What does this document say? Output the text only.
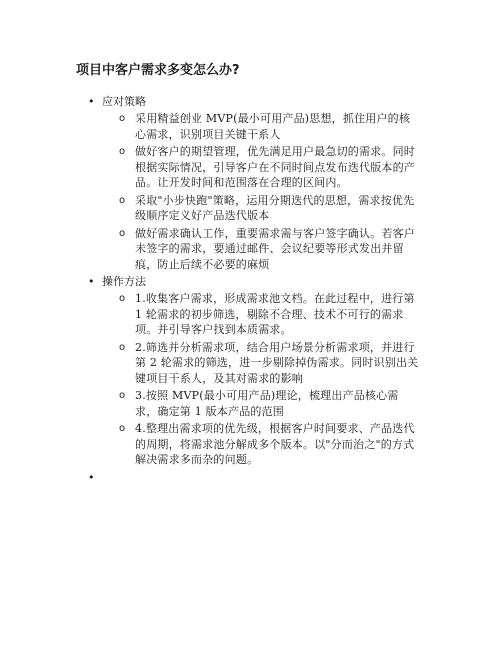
项目中客户需求多变怎么办?
• 应对策略
o 采用精益创业 MVP(最小可用产品)思想，抓住用户的核心需求，识别项目关键干系人
o 做好客户的期望管理，优先满足用户最急切的需求。同时根据实际情况，引导客户在不同时间点发布迭代版本的产品。让开发时间和范围落在合理的区间内。
o 采取"小步快跑"策略，运用分期迭代的思想，需求按优先级顺序定义好产品迭代版本
o 做好需求确认工作，重要需求需与客户签字确认。若客户未签字的需求，要通过邮件、会议纪要等形式发出并留痕，防止后续不必要的麻烦
• 操作方法
o 1.收集客户需求，形成需求池文档。在此过程中，进行第 1 轮需求的初步筛选，剔除不合理、技术不可行的需求项。并引导客户找到本质需求。
o 2.筛选并分析需求项，结合用户场景分析需求项，并进行第 2 轮需求的筛选，进一步剔除掉伪需求。同时识别出关键项目干系人，及其对需求的影响
o 3.按照 MVP(最小可用产品)理论，梳理出产品核心需求，确定第 1 版本产品的范围
o 4.整理出需求项的优先级，根据客户时间要求、产品迭代的周期，将需求池分解成多个版本。以"分而治之"的方式解决需求多而杂的问题。
•
